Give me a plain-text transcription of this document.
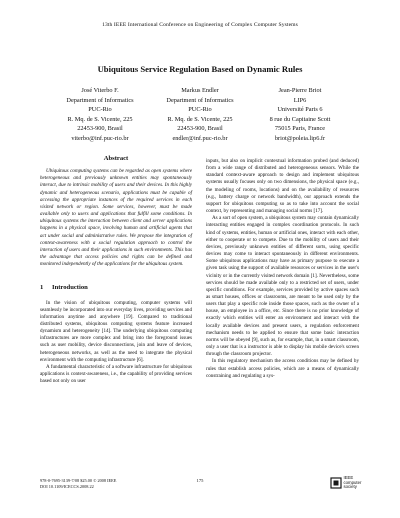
13th IEEE International Conference on Engineering of Complex Computer Systems
Ubiquitous Service Regulation Based on Dynamic Rules
José Viterbo F.
Department of Informatics
PUC-Rio
R. Mq. de S. Vicente, 225
22453-900, Brasil
viterbo@inf.puc-rio.br
Markus Endler
Department of Informatics
PUC-Rio
R. Mq. de S. Vicente, 225
22453-900, Brasil
endler@inf.puc-rio.br
Jean-Pierre Briot
LIP6
Université Paris 6
8 rue du Capitaine Scott
75015 Paris, France
briot@poleia.lip6.fr
Abstract

Ubiquitous computing systems can be regarded as open systems where heterogeneous and previously unknown entities may spontaneously interact, due to intrinsic mobility of users and their devices. In this highly dynamic and heterogeneous scenario, applications must be capable of accessing the appropriate instances of the required services in each visited network or region. Some services, however, must be made available only to users and applications that fulfill some conditions. In ubiquitous systems the interaction between client and server applications happens in a physical space, involving human and artificial agents that act under social and administrative rules. We propose the integration of context-awareness with a social regulation approach to control the interaction of users and their applications in such environments. This has the advantage that access policies and rights can be defined and monitored independently of the applications for the ubiquitous system.

1 Introduction

In the vision of ubiquitous computing, computer systems will seamlessly be incorporated into our everyday lives, providing services and information anytime and anywhere [19]. Compared to traditional distributed systems, ubiquitous computing systems feature increased dynamism and heterogeneity [14]. The underlying ubiquitous computing infrastructures are more complex and bring into the foreground issues such as user mobility, device disconnections, join and leave of devices, heterogeneous networks, as well as the need to integrate the physical environment with the computing infrastructure [6].

A fundamental characteristic of a software infrastructure for ubiquitous applications is context-awareness, i.e., the capability of providing services based not only on user

inputs, but also on implicit contextual information probed (and deduced) from a wide range of distributed and heterogeneous sensors. While the standard context-aware approach to design and implement ubiquitous systems usually focuses only on two dimensions, the physical space (e.g., the modeling of rooms, locations) and on the availability of resources (e.g., battery charge or network bandwidth), our approach extends the support for ubiquitous computing so as to take into account the social context, by representing and managing social norms [17].

As a sort of open system, a ubiquitous system may contain dynamically interacting entities engaged in complex coordination protocols. In such kind of systems, entities, human or artificial ones, interact with each other, either to cooperate or to compete. Due to the mobility of users and their devices, previously unknown entities of different sorts, using specific devices may come to interact spontaneously in different environments. Some ubiquitous applications may have as primary purpose to execute a given task using the support of available resources or services in the user's vicinity or in the currently visited network domain [1]. Nevertheless, some services should be made available only to a restricted set of users, under specific conditions. For example, services provided by active spaces such as smart houses, offices or classrooms, are meant to be used only by the users that play a specific role inside those spaces, such as the owner of a house, an employee in a office, etc. Since there is no prior knowledge of exactly which entities will enter an environment and interact with the locally available devices and present users, a regulation enforcement mechanism needs to be applied to ensure that some basic interaction norms will be obeyed [9], such as, for example, that, in a smart classroom, only a user that is a instructor is able to display his mobile device's screen through the classroom projector.

In this regulatory mechanism the access conditions may be defined by rules that establish access policies, which are a means of dynamically constraining and regulating a sys-

978-0-7695-3139-7/08 $25.00 © 2008 IEEE
DOI 10.1109/ICECCS.2008.22
175
IEEE
computer
society
